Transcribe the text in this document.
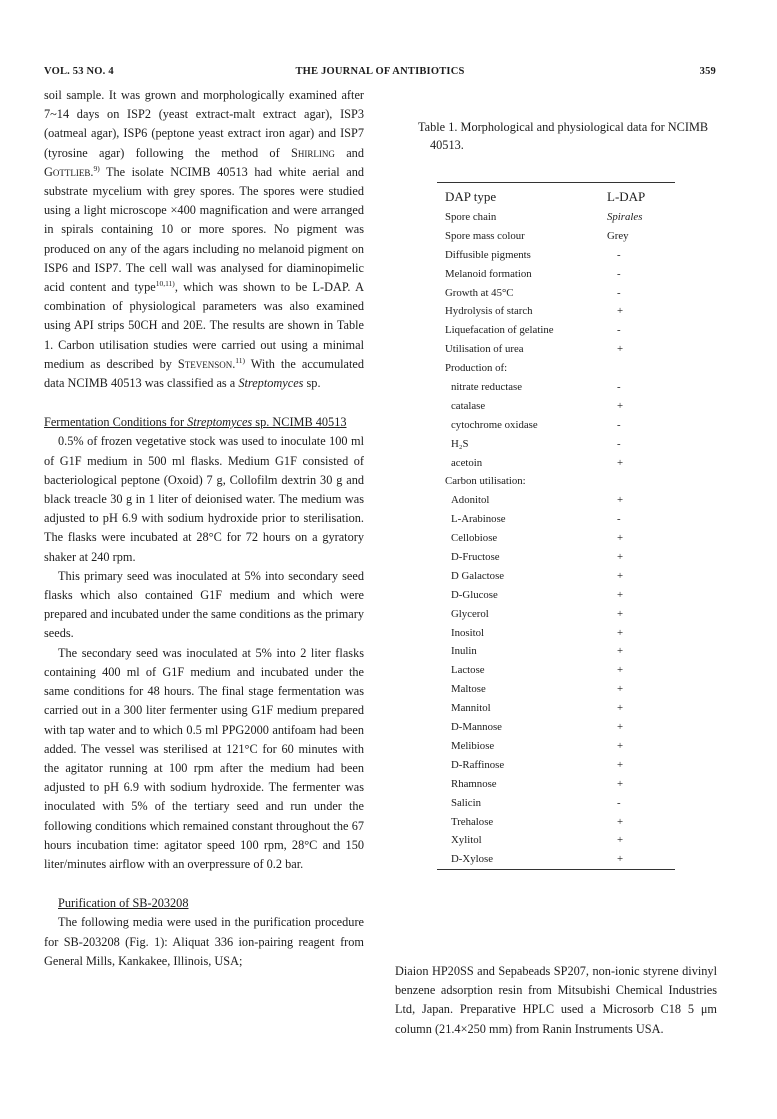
VOL. 53 NO. 4	THE JOURNAL OF ANTIBIOTICS	359

soil sample. It was grown and morphologically examined after 7~14 days on ISP2 (yeast extract-malt extract agar), ISP3 (oatmeal agar), ISP6 (peptone yeast extract iron agar) and ISP7 (tyrosine agar) following the method of Shirling and Gottlieb.$^{9)}$ The isolate NCIMB 40513 had white aerial and substrate mycelium with grey spores. The spores were studied using a light microscope ×400 magnification and were arranged in spirals containing 10 or more spores. No pigment was produced on any of the agars including no melanoid pigment on ISP6 and ISP7. The cell wall was analysed for diaminopimelic acid content and type$^{10,11)}$, which was shown to be L-DAP. A combination of physiological parameters was also examined using API strips 50CH and 20E. The results are shown in Table 1. Carbon utilisation studies were carried out using a minimal medium as described by Stevenson.$^{11)}$ With the accumulated data NCIMB 40513 was classified as a Streptomyces sp.

Fermentation Conditions for Streptomyces sp. NCIMB 40513

0.5% of frozen vegetative stock was used to inoculate 100 ml of G1F medium in 500 ml flasks. Medium G1F consisted of bacteriological peptone (Oxoid) 7 g, Collofilm dextrin 30 g and black treacle 30 g in 1 liter of deionised water. The medium was adjusted to pH 6.9 with sodium hydroxide prior to sterilisation. The flasks were incubated at 28°C for 72 hours on a gyratory shaker at 240 rpm.

This primary seed was inoculated at 5% into secondary seed flasks which also contained G1F medium and which were prepared and incubated under the same conditions as the primary seeds.

The secondary seed was inoculated at 5% into 2 liter flasks containing 400 ml of G1F medium and incubated under the same conditions for 48 hours. The final stage fermentation was carried out in a 300 liter fermenter using G1F medium prepared with tap water and to which 0.5 ml PPG2000 antifoam had been added. The vessel was sterilised at 121°C for 60 minutes with the agitator running at 100 rpm after the medium had been adjusted to pH 6.9 with sodium hydroxide. The fermenter was inoculated with 5% of the tertiary seed and run under the following conditions which remained constant throughout the 67 hours incubation time: agitator speed 100 rpm, 28°C and 150 liter/minutes airflow with an overpressure of 0.2 bar.

Purification of SB-203208

The following media were used in the purification procedure for SB-203208 (Fig. 1): Aliquat 336 ion-pairing reagent from General Mills, Kankakee, Illinois, USA;

Table 1. Morphological and physiological data for NCIMB 40513.
DAP type	L-DAP
Spore chain	Spirales
Spore mass colour	Grey
Diffusible pigments	-
Melanoid formation	-
Growth at 45°C	-
Hydrolysis of starch	+
Liquefacation of gelatine	-
Utilisation of urea	+
Production of:
nitrate reductase	-
catalase	+
cytochrome oxidase	-
H₂S	-
acetoin	+
Carbon utilisation:
Adonitol	+
L-Arabinose	-
Cellobiose	+
D-Fructose	+
D Galactose	+
D-Glucose	+
Glycerol	+
Inositol	+
Inulin	+
Lactose	+
Maltose	+
Mannitol	+
D-Mannose	+
Melibiose	+
D-Raffinose	+
Rhamnose	+
Salicin	-
Trehalose	+
Xylitol	+
D-Xylose	+

Diaion HP20SS and Sepabeads SP207, non-ionic styrene divinyl benzene adsorption resin from Mitsubishi Chemical Industries Ltd, Japan. Preparative HPLC used a Microsorb C18 5 μm column (21.4×250 mm) from Ranin Instruments USA.
